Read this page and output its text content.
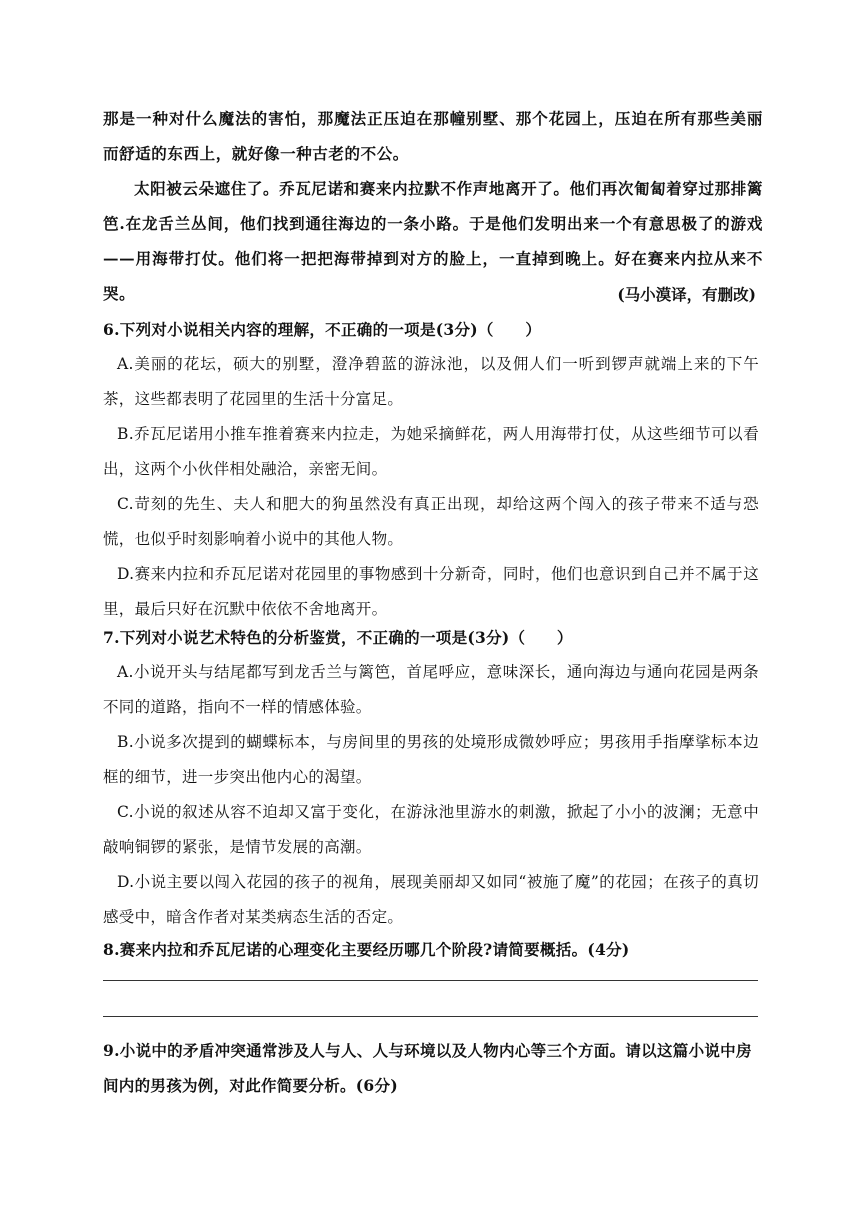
那是一种对什么魔法的害怕，那魔法正压迫在那幢别墅、那个花园上，压迫在所有那些美丽而舒适的东西上，就好像一种古老的不公。
太阳被云朵遮住了。乔瓦尼诺和赛来内拉默不作声地离开了。他们再次匍匐着穿过那排篱笆.在龙舌兰丛间，他们找到通往海边的一条小路。于是他们发明出来一个有意思极了的游戏——用海带打仗。他们将一把把海带掉到对方的脸上，一直掉到晚上。好在赛来内拉从来不哭。	(马小漠译，有删改)
6.下列对小说相关内容的理解，不正确的一项是(3分)（　　）
A.美丽的花坛，硕大的别墅，澄净碧蓝的游泳池，以及佣人们一听到锣声就端上来的下午茶，这些都表明了花园里的生活十分富足。
B.乔瓦尼诺用小推车推着赛来内拉走，为她采摘鲜花，两人用海带打仗，从这些细节可以看出，这两个小伙伴相处融洽，亲密无间。
C.苛刻的先生、夫人和肥大的狗虽然没有真正出现，却给这两个闯入的孩子带来不适与恐慌，也似乎时刻影响着小说中的其他人物。
D.赛来内拉和乔瓦尼诺对花园里的事物感到十分新奇，同时，他们也意识到自己并不属于这里，最后只好在沉默中依依不舍地离开。
7.下列对小说艺术特色的分析鉴赏，不正确的一项是(3分)（　　）
A.小说开头与结尾都写到龙舌兰与篱笆，首尾呼应，意味深长，通向海边与通向花园是两条不同的道路，指向不一样的情感体验。
B.小说多次提到的蝴蝶标本，与房间里的男孩的处境形成微妙呼应；男孩用手指摩挲标本边框的细节，进一步突出他内心的渴望。
C.小说的叙述从容不迫却又富于变化，在游泳池里游水的刺激，掀起了小小的波澜；无意中敲响铜锣的紧张，是情节发展的高潮。
D.小说主要以闯入花园的孩子的视角，展现美丽却又如同“被施了魔”的花园；在孩子的真切感受中，暗含作者对某类病态生活的否定。
8.赛来内拉和乔瓦尼诺的心理变化主要经历哪几个阶段?请简要概括。(4分)
9.小说中的矛盾冲突通常涉及人与人、人与环境以及人物内心等三个方面。请以这篇小说中房间内的男孩为例，对此作简要分析。(6分)
